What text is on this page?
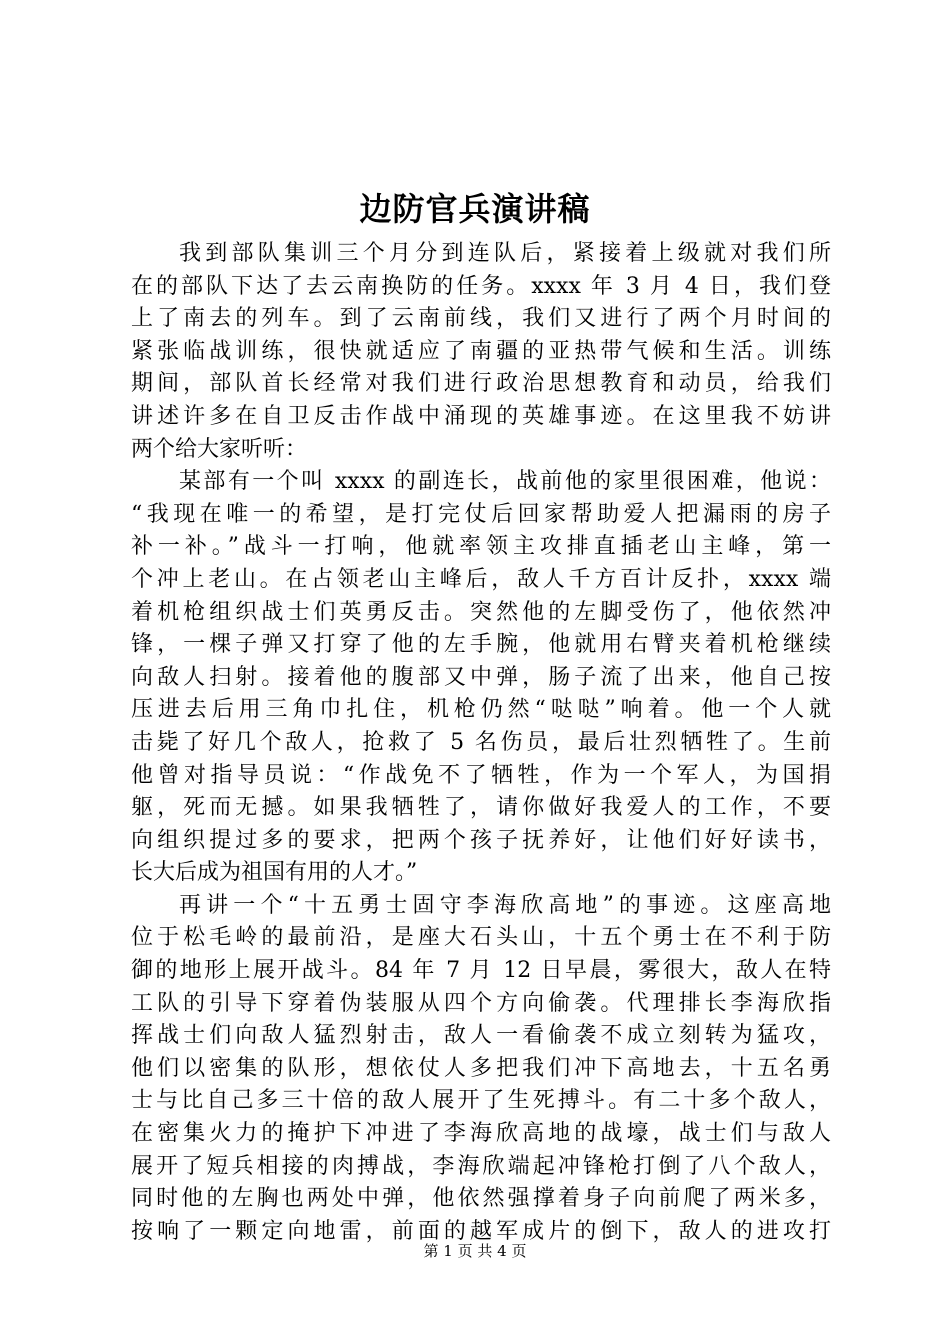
边防官兵演讲稿
我到部队集训三个月分到连队后，紧接着上级就对我们所
在的部队下达了去云南换防的任务。xxxx 年 3 月 4 日，我们登
上了南去的列车。到了云南前线，我们又进行了两个月时间的
紧张临战训练，很快就适应了南疆的亚热带气候和生活。训练
期间，部队首长经常对我们进行政治思想教育和动员，给我们
讲述许多在自卫反击作战中涌现的英雄事迹。在这里我不妨讲
两个给大家听听：
某部有一个叫 xxxx 的副连长，战前他的家里很困难，他说：
“我现在唯一的希望，是打完仗后回家帮助爱人把漏雨的房子
补一补。”战斗一打响，他就率领主攻排直插老山主峰，第一
个冲上老山。在占领老山主峰后，敌人千方百计反扑，xxxx 端
着机枪组织战士们英勇反击。突然他的左脚受伤了，他依然冲
锋，一棵子弹又打穿了他的左手腕，他就用右臂夹着机枪继续
向敌人扫射。接着他的腹部又中弹，肠子流了出来，他自己按
压进去后用三角巾扎住，机枪仍然“哒哒”响着。他一个人就
击毙了好几个敌人，抢救了 5 名伤员，最后壮烈牺牲了。生前
他曾对指导员说：“作战免不了牺牲，作为一个军人，为国捐
躯，死而无撼。如果我牺牲了，请你做好我爱人的工作，不要
向组织提过多的要求，把两个孩子抚养好，让他们好好读书，
长大后成为祖国有用的人才。”
再讲一个“十五勇士固守李海欣高地”的事迹。这座高地
位于松毛岭的最前沿，是座大石头山，十五个勇士在不利于防
御的地形上展开战斗。84 年 7 月 12 日早晨，雾很大，敌人在特
工队的引导下穿着伪装服从四个方向偷袭。代理排长李海欣指
挥战士们向敌人猛烈射击，敌人一看偷袭不成立刻转为猛攻，
他们以密集的队形，想依仗人多把我们冲下高地去，十五名勇
士与比自己多三十倍的敌人展开了生死搏斗。有二十多个敌人，
在密集火力的掩护下冲进了李海欣高地的战壕，战士们与敌人
展开了短兵相接的肉搏战，李海欣端起冲锋枪打倒了八个敌人，
同时他的左胸也两处中弹，他依然强撑着身子向前爬了两米多，
按响了一颗定向地雷，前面的越军成片的倒下，敌人的进攻打
第 1 页 共 4 页
